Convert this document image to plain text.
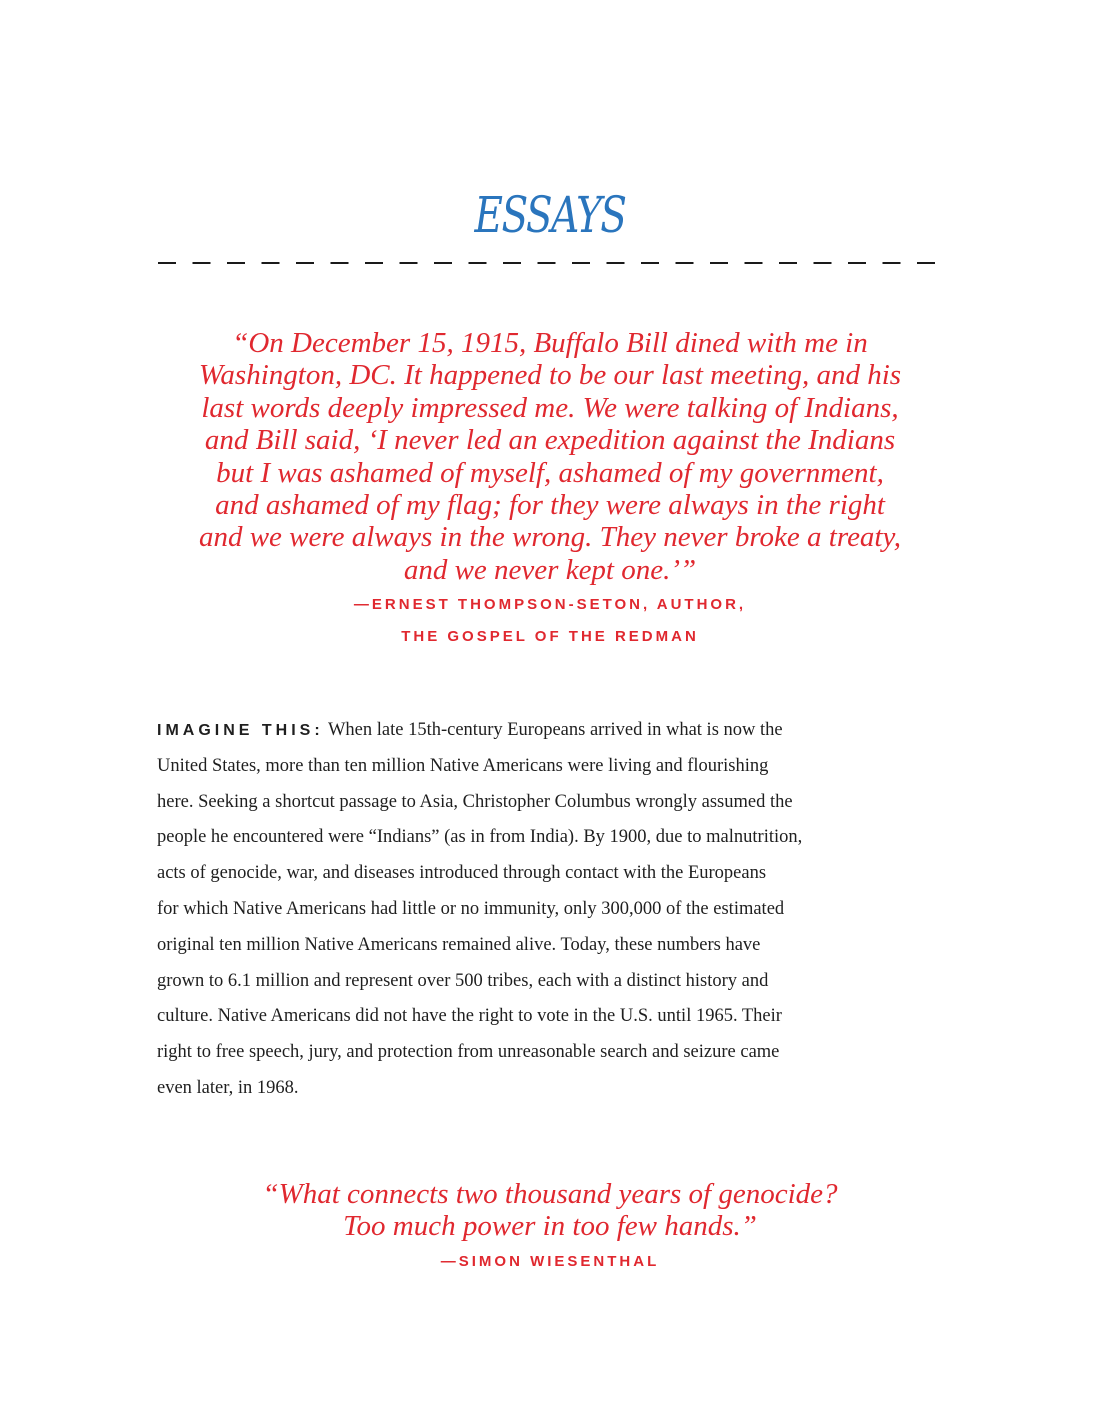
ESSAYS

“On December 15, 1915, Buffalo Bill dined with me in
Washington, DC. It happened to be our last meeting, and his
last words deeply impressed me. We were talking of Indians,
and Bill said, ‘I never led an expedition against the Indians
but I was ashamed of myself, ashamed of my government,
and ashamed of my flag; for they were always in the right
and we were always in the wrong. They never broke a treaty,
and we never kept one.’”

—ERNEST THOMPSON-SETON, AUTHOR,
THE GOSPEL OF THE REDMAN

IMAGINE THIS: When late 15th-century Europeans arrived in what is now the
United States, more than ten million Native Americans were living and flourishing
here. Seeking a shortcut passage to Asia, Christopher Columbus wrongly assumed the
people he encountered were “Indians” (as in from India). By 1900, due to malnutrition,
acts of genocide, war, and diseases introduced through contact with the Europeans
for which Native Americans had little or no immunity, only 300,000 of the estimated
original ten million Native Americans remained alive. Today, these numbers have
grown to 6.1 million and represent over 500 tribes, each with a distinct history and
culture. Native Americans did not have the right to vote in the U.S. until 1965. Their
right to free speech, jury, and protection from unreasonable search and seizure came
even later, in 1968.

“What connects two thousand years of genocide?
Too much power in too few hands.”

—SIMON WIESENTHAL
